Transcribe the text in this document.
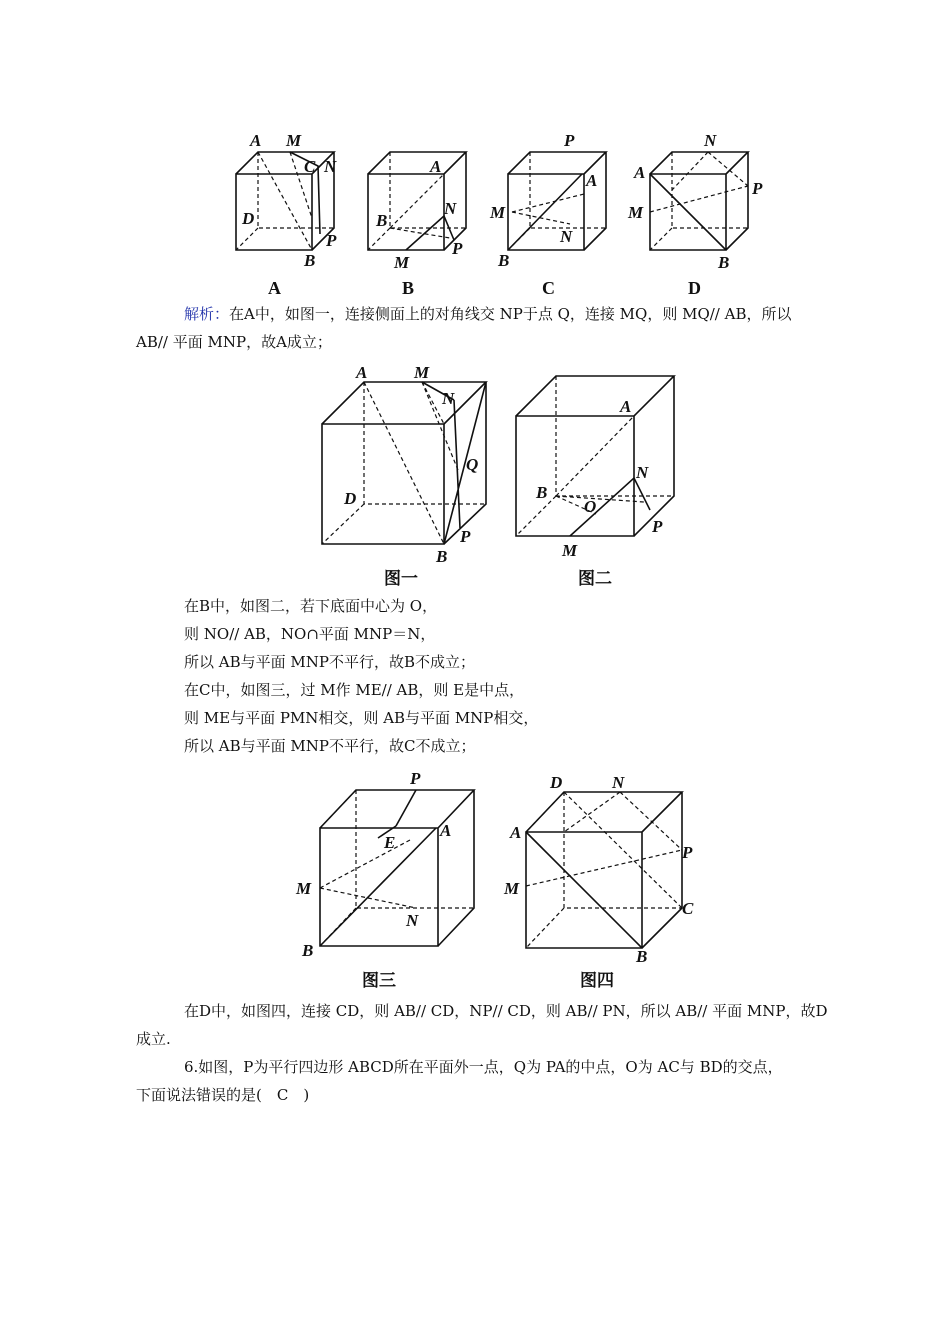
A M
C N
D
P
B
A
A
N
B
P
M
B
P
A
M
N
B
C
N
A
P
M
B
D
解析：在A中，如图一，连接侧面上的对角线交 NP于点 Q，连接 MQ，则 MQ// AB，所以
AB// 平面 MNP，故A成立；
A	M
N
Q
D
P
B
图一
A
N
B
O
P
M
图二
在B中，如图二，若下底面中心为 O，
则 NO// AB，NO∩平面 MNP＝N，
所以 AB与平面 MNP不平行，故B不成立；
在C中，如图三，过 M作 ME// AB，则 E是中点，
则 ME与平面 PMN相交，则 AB与平面 MNP相交，
所以 AB与平面 MNP不平行，故C不成立；
P
A
E
M
N
B
图三
D	N
A
P
M
C
B
图四
在D中，如图四，连接 CD，则 AB// CD，NP// CD，则 AB// PN，所以 AB// 平面 MNP，故D
成立.
6.如图，P为平行四边形 ABCD所在平面外一点，Q为 PA的中点，O为 AC与 BD的交点，
下面说法错误的是(　C　)
